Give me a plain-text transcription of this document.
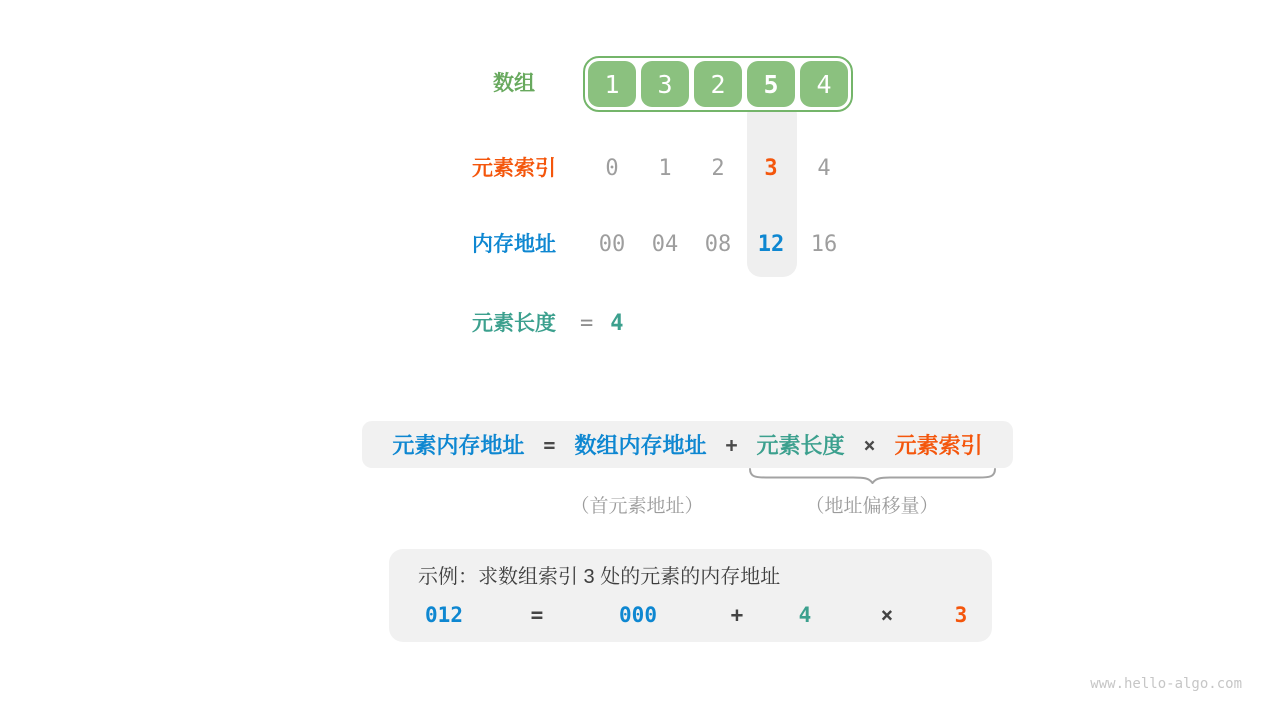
数组	1	3	2	5	4
元素索引	0	1	2	3	4
内存地址	00	04	08	12	16
元素长度	= 4
元素内存地址 = 数组内存地址 + 元素长度 × 元素索引
（首元素地址）	（地址偏移量）
示例：求数组索引 3 处的元素的内存地址
012	=	000	+	4	×	3
www.hello-algo.com
